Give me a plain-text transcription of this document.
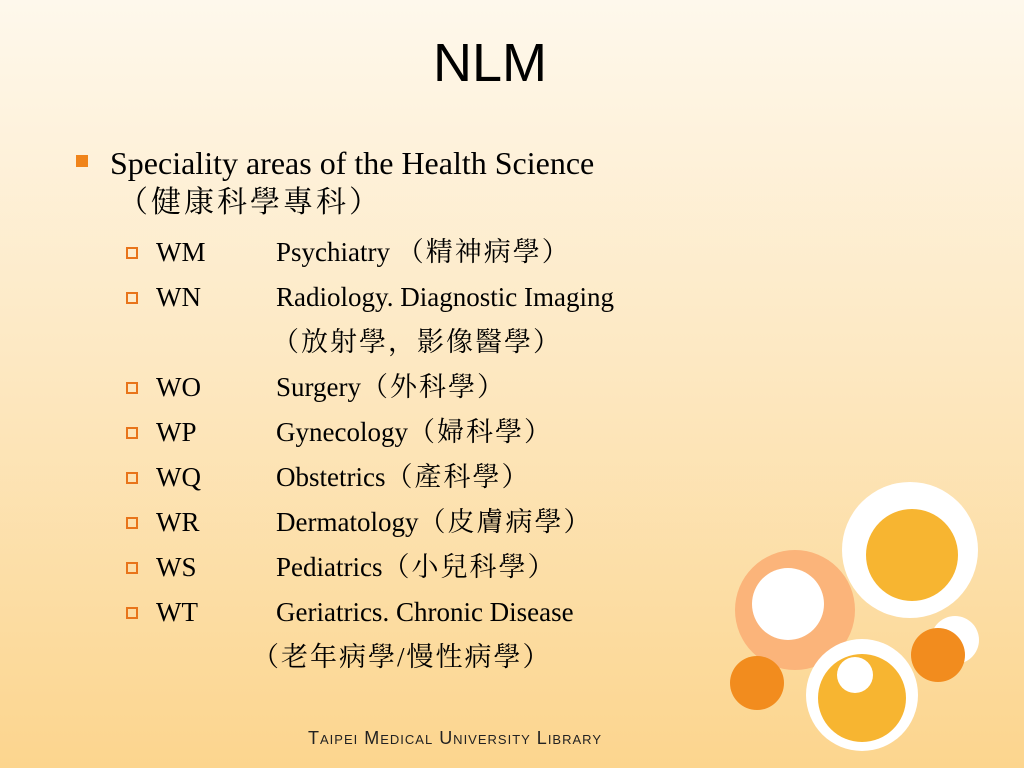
NLM
Speciality areas of the Health Science
（健康科學專科）
WM	Psychiatry （精神病學）
WN	Radiology. Diagnostic Imaging
（放射學，影像醫學）
WO	Surgery（外科學）
WP	Gynecology（婦科學）
WQ	Obstetrics（產科學）
WR	Dermatology（皮膚病學）
WS	Pediatrics（小兒科學）
WT	Geriatrics. Chronic Disease
（老年病學/慢性病學）
Taipei Medical University Library
